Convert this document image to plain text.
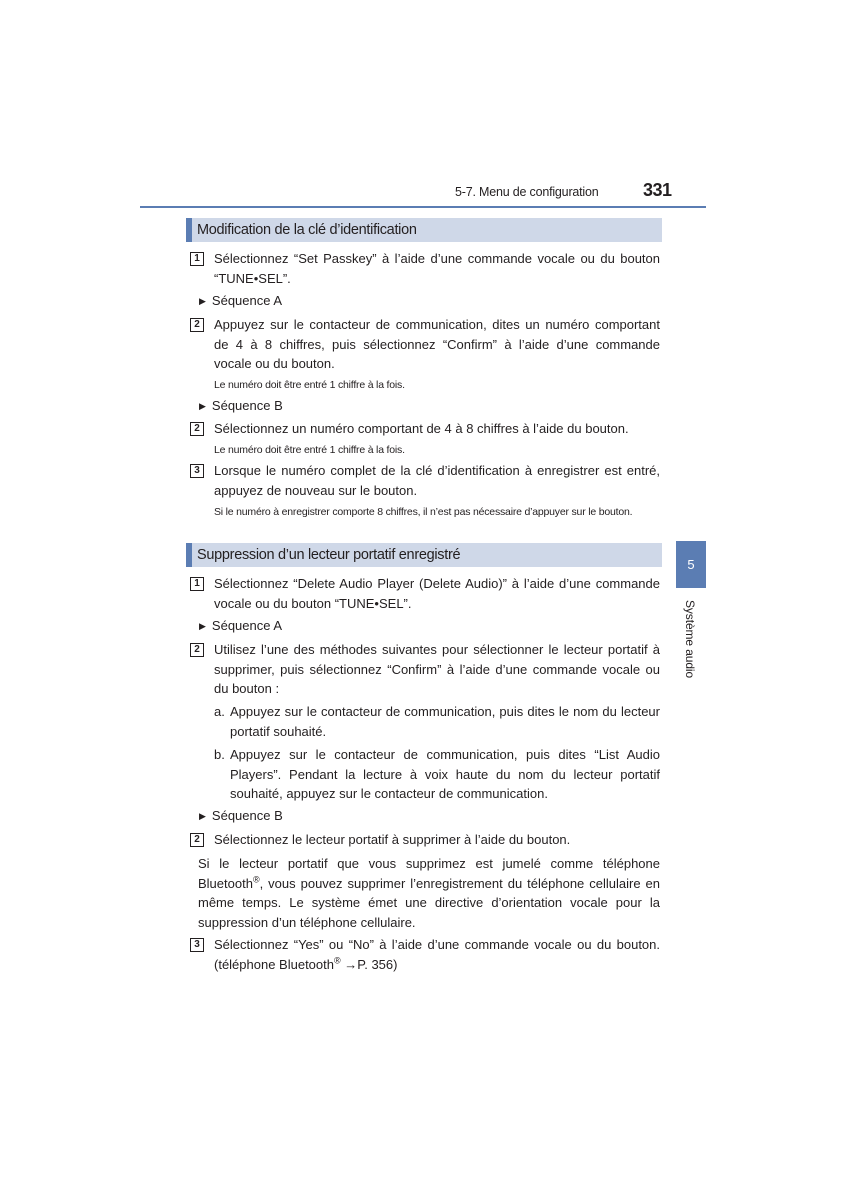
5-7. Menu de configuration 331
5
Système audio
Modification de la clé d’identification
1	Sélectionnez “Set Passkey” à l’aide d’une commande vocale ou du bouton “TUNE•SEL”.
▶ Séquence A
2	Appuyez sur le contacteur de communication, dites un numéro comportant de 4 à 8 chiffres, puis sélectionnez “Confirm” à l’aide d’une commande vocale ou du bouton.
Le numéro doit être entré 1 chiffre à la fois.
▶ Séquence B
2	Sélectionnez un numéro comportant de 4 à 8 chiffres à l’aide du bouton.
Le numéro doit être entré 1 chiffre à la fois.
3	Lorsque le numéro complet de la clé d’identification à enregistrer est entré, appuyez de nouveau sur le bouton.
Si le numéro à enregistrer comporte 8 chiffres, il n’est pas nécessaire d’appuyer sur le bouton.
Suppression d’un lecteur portatif enregistré
1	Sélectionnez “Delete Audio Player (Delete Audio)” à l’aide d’une commande vocale ou du bouton “TUNE•SEL”.
▶ Séquence A
2	Utilisez l’une des méthodes suivantes pour sélectionner le lecteur portatif à supprimer, puis sélectionnez “Confirm” à l’aide d’une commande vocale ou du bouton :
a. Appuyez sur le contacteur de communication, puis dites le nom du lecteur portatif souhaité.
b. Appuyez sur le contacteur de communication, puis dites “List Audio Players”. Pendant la lecture à voix haute du nom du lecteur portatif souhaité, appuyez sur le contacteur de communication.
▶ Séquence B
2	Sélectionnez le lecteur portatif à supprimer à l’aide du bouton.
Si le lecteur portatif que vous supprimez est jumelé comme téléphone Bluetooth®, vous pouvez supprimer l’enregistrement du téléphone cellulaire en même temps. Le système émet une directive d’orientation vocale pour la suppression d’un téléphone cellulaire.
3	Sélectionnez “Yes” ou “No” à l’aide d’une commande vocale ou du bouton. (téléphone Bluetooth® →P. 356)
